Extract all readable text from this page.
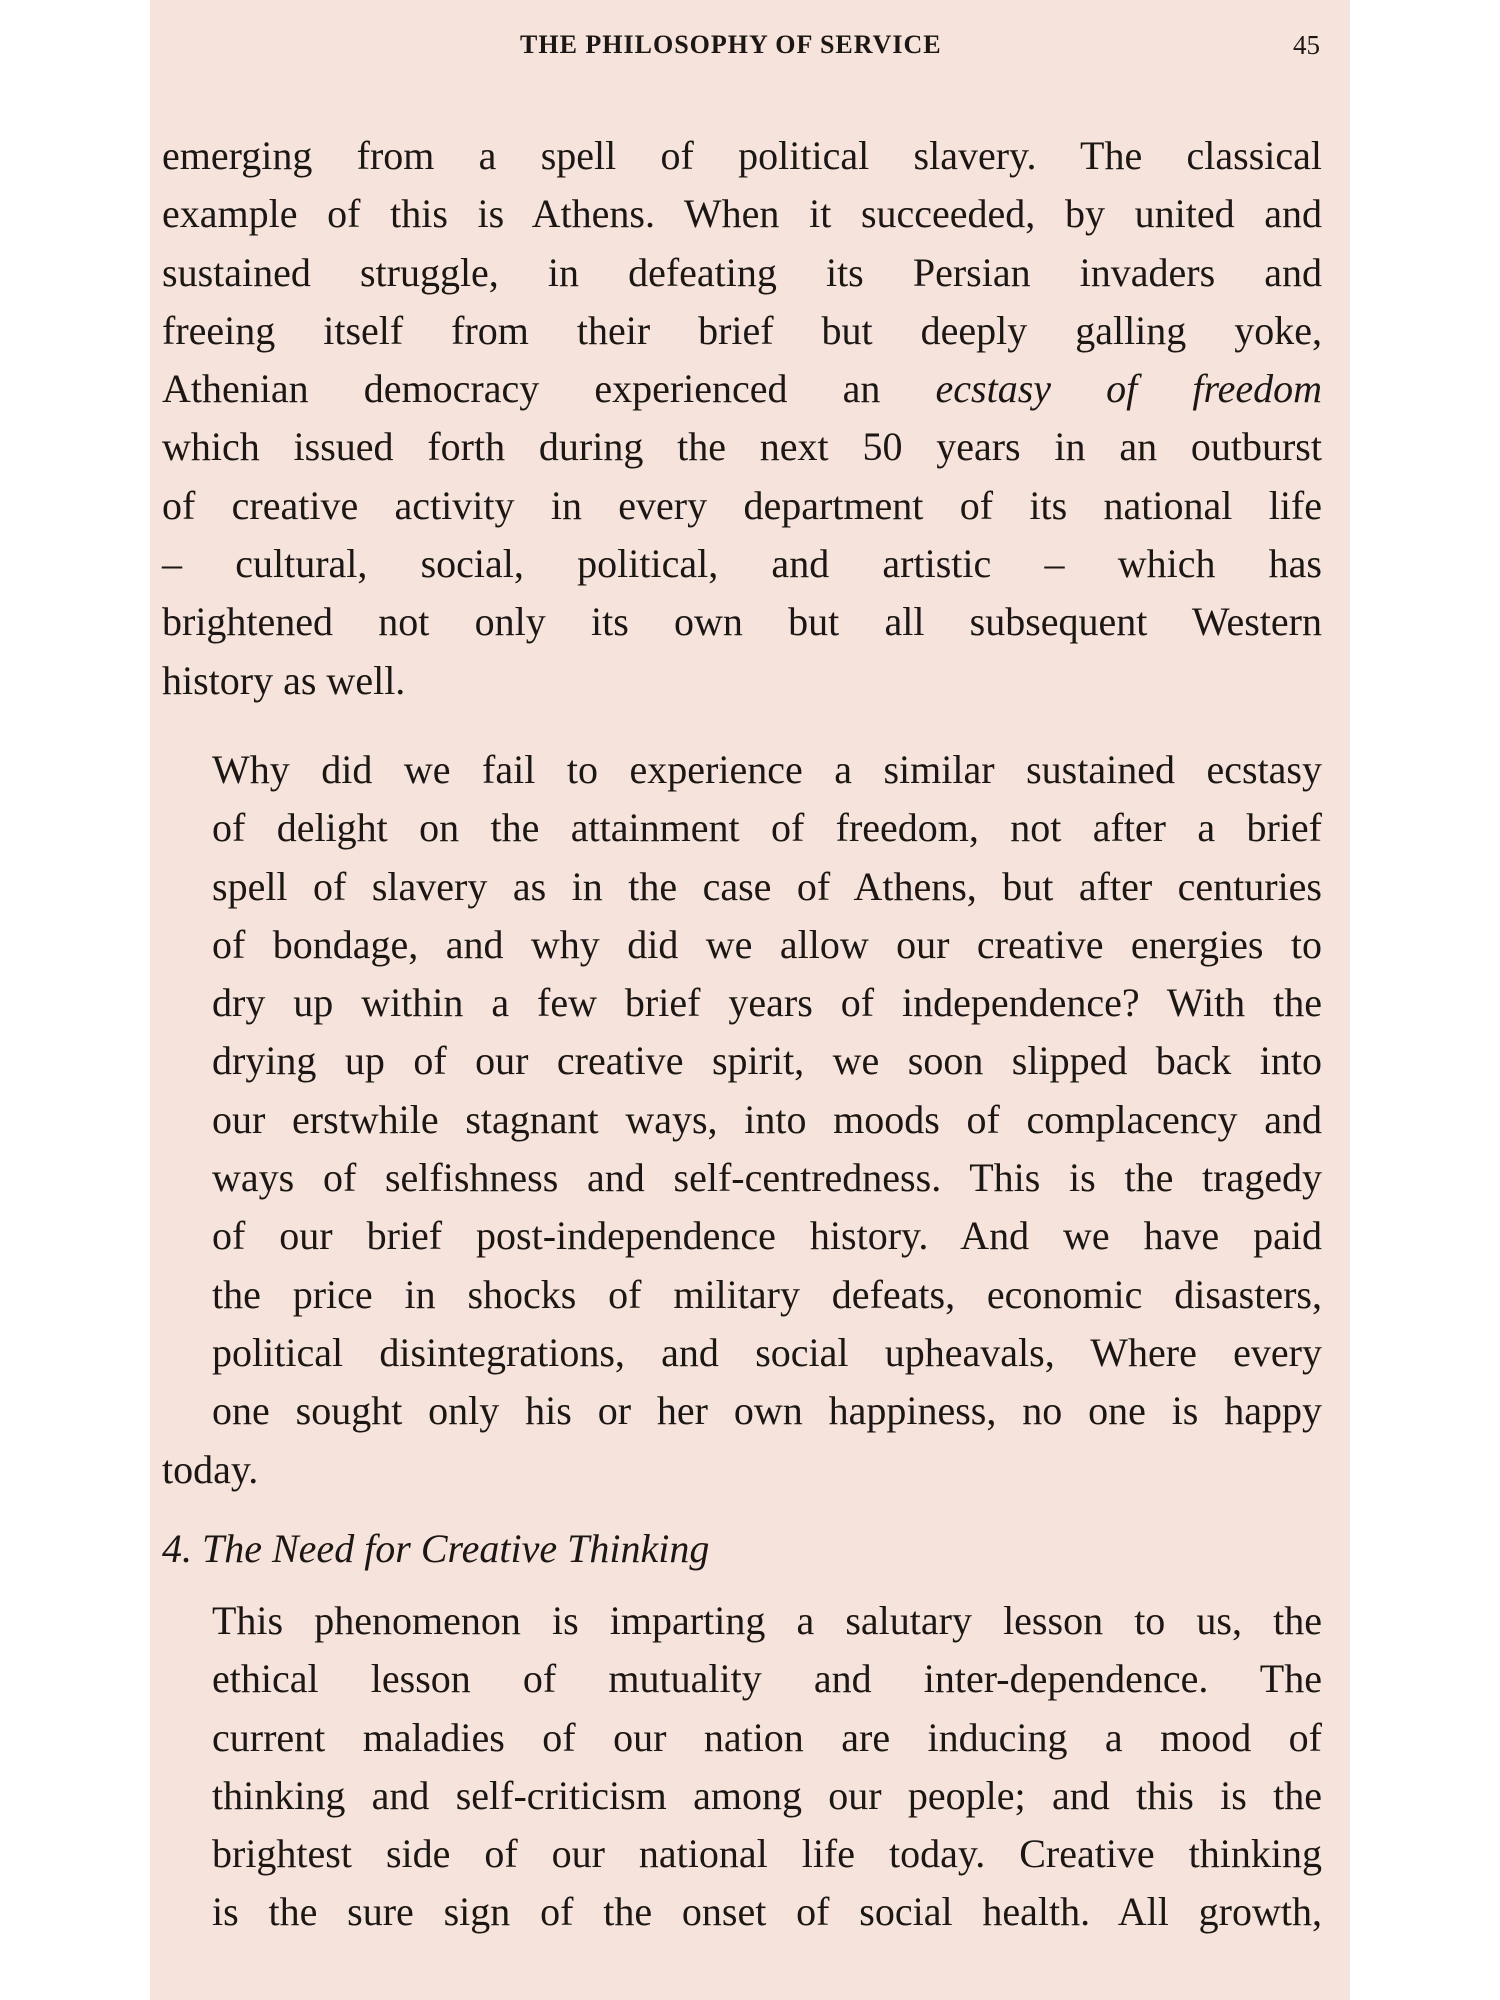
THE PHILOSOPHY OF SERVICE	45
emerging from a spell of political slavery. The classical
example of this is Athens. When it succeeded, by united and
sustained struggle, in defeating its Persian invaders and
freeing itself from their brief but deeply galling yoke,
Athenian democracy experienced an ecstasy of freedom
which issued forth during the next 50 years in an outburst
of creative activity in every department of its national life
– cultural, social, political, and artistic – which has
brightened not only its own but all subsequent Western
history as well.
Why did we fail to experience a similar sustained ecstasy
of delight on the attainment of freedom, not after a brief
spell of slavery as in the case of Athens, but after centuries
of bondage, and why did we allow our creative energies to
dry up within a few brief years of independence? With the
drying up of our creative spirit, we soon slipped back into
our erstwhile stagnant ways, into moods of complacency and
ways of selfishness and self-centredness. This is the tragedy
of our brief post-independence history. And we have paid
the price in shocks of military defeats, economic disasters,
political disintegrations, and social upheavals, Where every
one sought only his or her own happiness, no one is happy
today.
4. The Need for Creative Thinking
This phenomenon is imparting a salutary lesson to us, the
ethical lesson of mutuality and inter-dependence. The
current maladies of our nation are inducing a mood of
thinking and self-criticism among our people; and this is the
brightest side of our national life today. Creative thinking
is the sure sign of the onset of social health. All growth,
